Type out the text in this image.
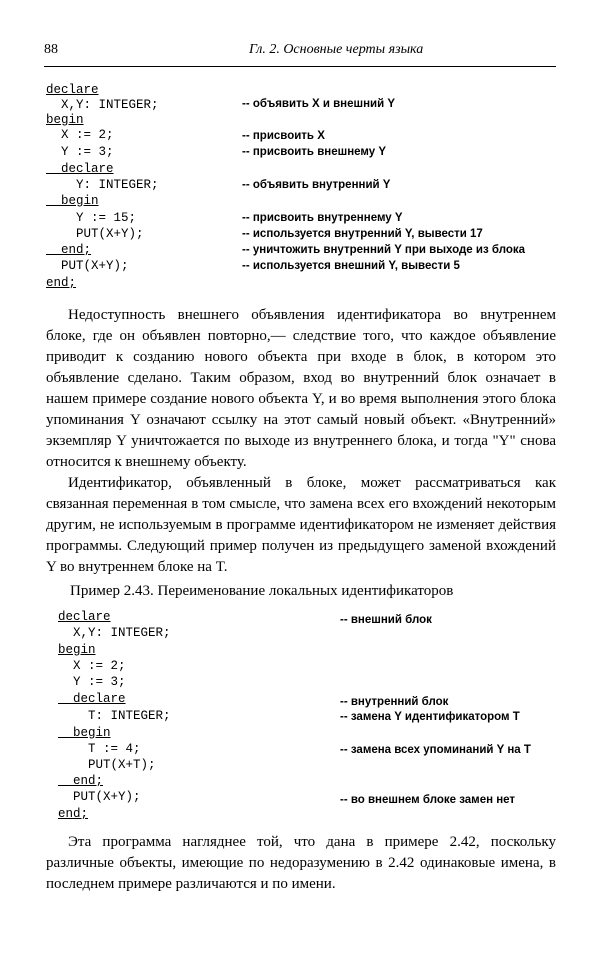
88	Гл. 2. Основные черты языка
declare
X,Y: INTEGER;
begin
X := 2;
Y := 3;
declare
Y: INTEGER;
begin
Y := 15;
PUT(X+Y);
end;
PUT(X+Y);
end;
-- объявить X и внешний Y
-- присвоить X
-- присвоить внешнему Y
-- объявить внутренний Y
-- присвоить внутреннему Y
-- используется внутренний Y, вывести 17
-- уничтожить внутренний Y при выходе из блока
-- используется внешний Y, вывести 5

Недоступность внешнего объявления идентификатора во внутреннем блоке, где он объявлен повторно,— следствие того, что каждое объявление приводит к созданию нового объекта при входе в блок, в котором это объявление сделано. Таким образом, вход во внутренний блок означает в нашем примере создание нового объекта Y, и во время выполнения этого блока упоминания Y означают ссылку на этот самый новый объект. «Внутренний» экземпляр Y уничтожается по выходе из внутреннего блока, и тогда "Y" снова относится к внешнему объекту.

Идентификатор, объявленный в блоке, может рассматриваться как связанная переменная в том смысле, что замена всех его вхождений некоторым другим, не используемым в программе идентификатором не изменяет действия программы. Следующий пример получен из предыдущего заменой вхождений Y во внутреннем блоке на T.

Пример 2.43. Переименование локальных идентификаторов
declare
X,Y: INTEGER;
begin
X := 2;
Y := 3;
declare
T: INTEGER;
begin
T := 4;
PUT(X+T);
end;
PUT(X+Y);
end;
-- внешний блок
-- внутренний блок
-- замена Y идентификатором T
-- замена всех упоминаний Y на T
-- во внешнем блоке замен нет

Эта программа нагляднее той, что дана в примере 2.42, поскольку различные объекты, имеющие по недоразумению в 2.42 одинаковые имена, в последнем примере различаются и по имени.
